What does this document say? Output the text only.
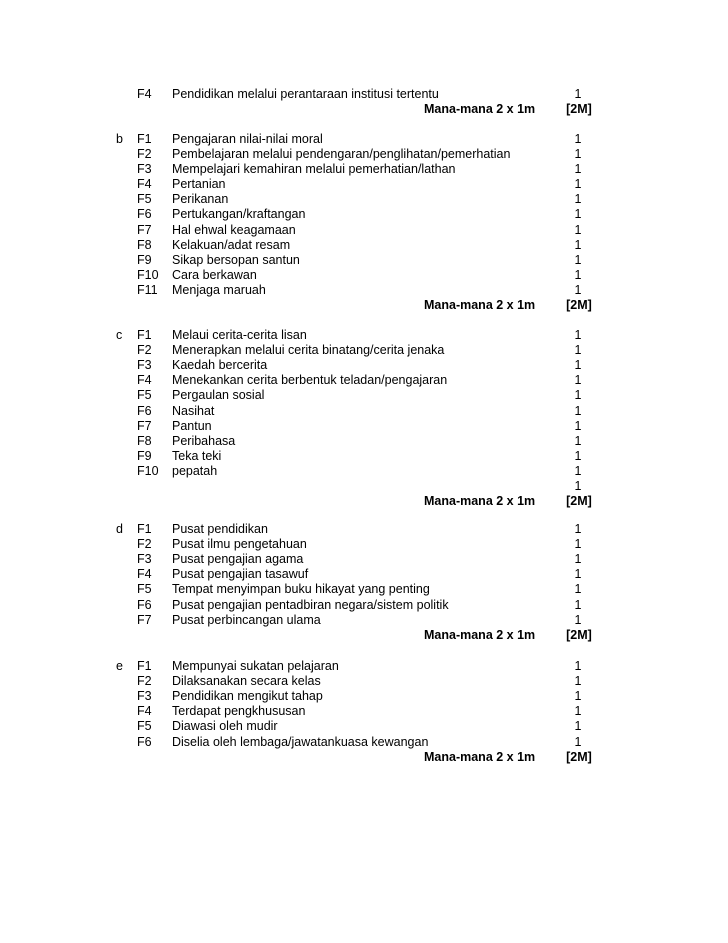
F4 Pendidikan melalui perantaraan institusi tertentu	1
Mana-mana 2 x 1m	[2M]
b F1 Pengajaran nilai-nilai moral	1
F2 Pembelajaran melalui pendengaran/penglihatan/pemerhatian	1
F3 Mempelajari kemahiran melalui pemerhatian/lathan	1
F4 Pertanian	1
F5 Perikanan	1
F6 Pertukangan/kraftangan	1
F7 Hal ehwal keagamaan	1
F8 Kelakuan/adat resam	1
F9 Sikap bersopan santun	1
F10 Cara berkawan	1
F11 Menjaga maruah	1
Mana-mana 2 x 1m	[2M]
c F1 Melaui cerita-cerita lisan	1
F2 Menerapkan melalui cerita binatang/cerita jenaka	1
F3 Kaedah bercerita	1
F4 Menekankan cerita berbentuk teladan/pengajaran	1
F5 Pergaulan sosial	1
F6 Nasihat	1
F7 Pantun	1
F8 Peribahasa	1
F9 Teka teki	1
F10 pepatah	1
1
Mana-mana 2 x 1m	[2M]
d F1 Pusat pendidikan	1
F2 Pusat ilmu pengetahuan	1
F3 Pusat pengajian agama	1
F4 Pusat pengajian tasawuf	1
F5 Tempat menyimpan buku hikayat yang penting	1
F6 Pusat pengajian pentadbiran negara/sistem politik	1
F7 Pusat perbincangan ulama	1
Mana-mana 2 x 1m	[2M]
e F1 Mempunyai sukatan pelajaran	1
F2 Dilaksanakan secara kelas	1
F3 Pendidikan mengikut tahap	1
F4 Terdapat pengkhususan	1
F5 Diawasi oleh mudir	1
F6 Diselia oleh lembaga/jawatankuasa kewangan	1
Mana-mana 2 x 1m	[2M]
